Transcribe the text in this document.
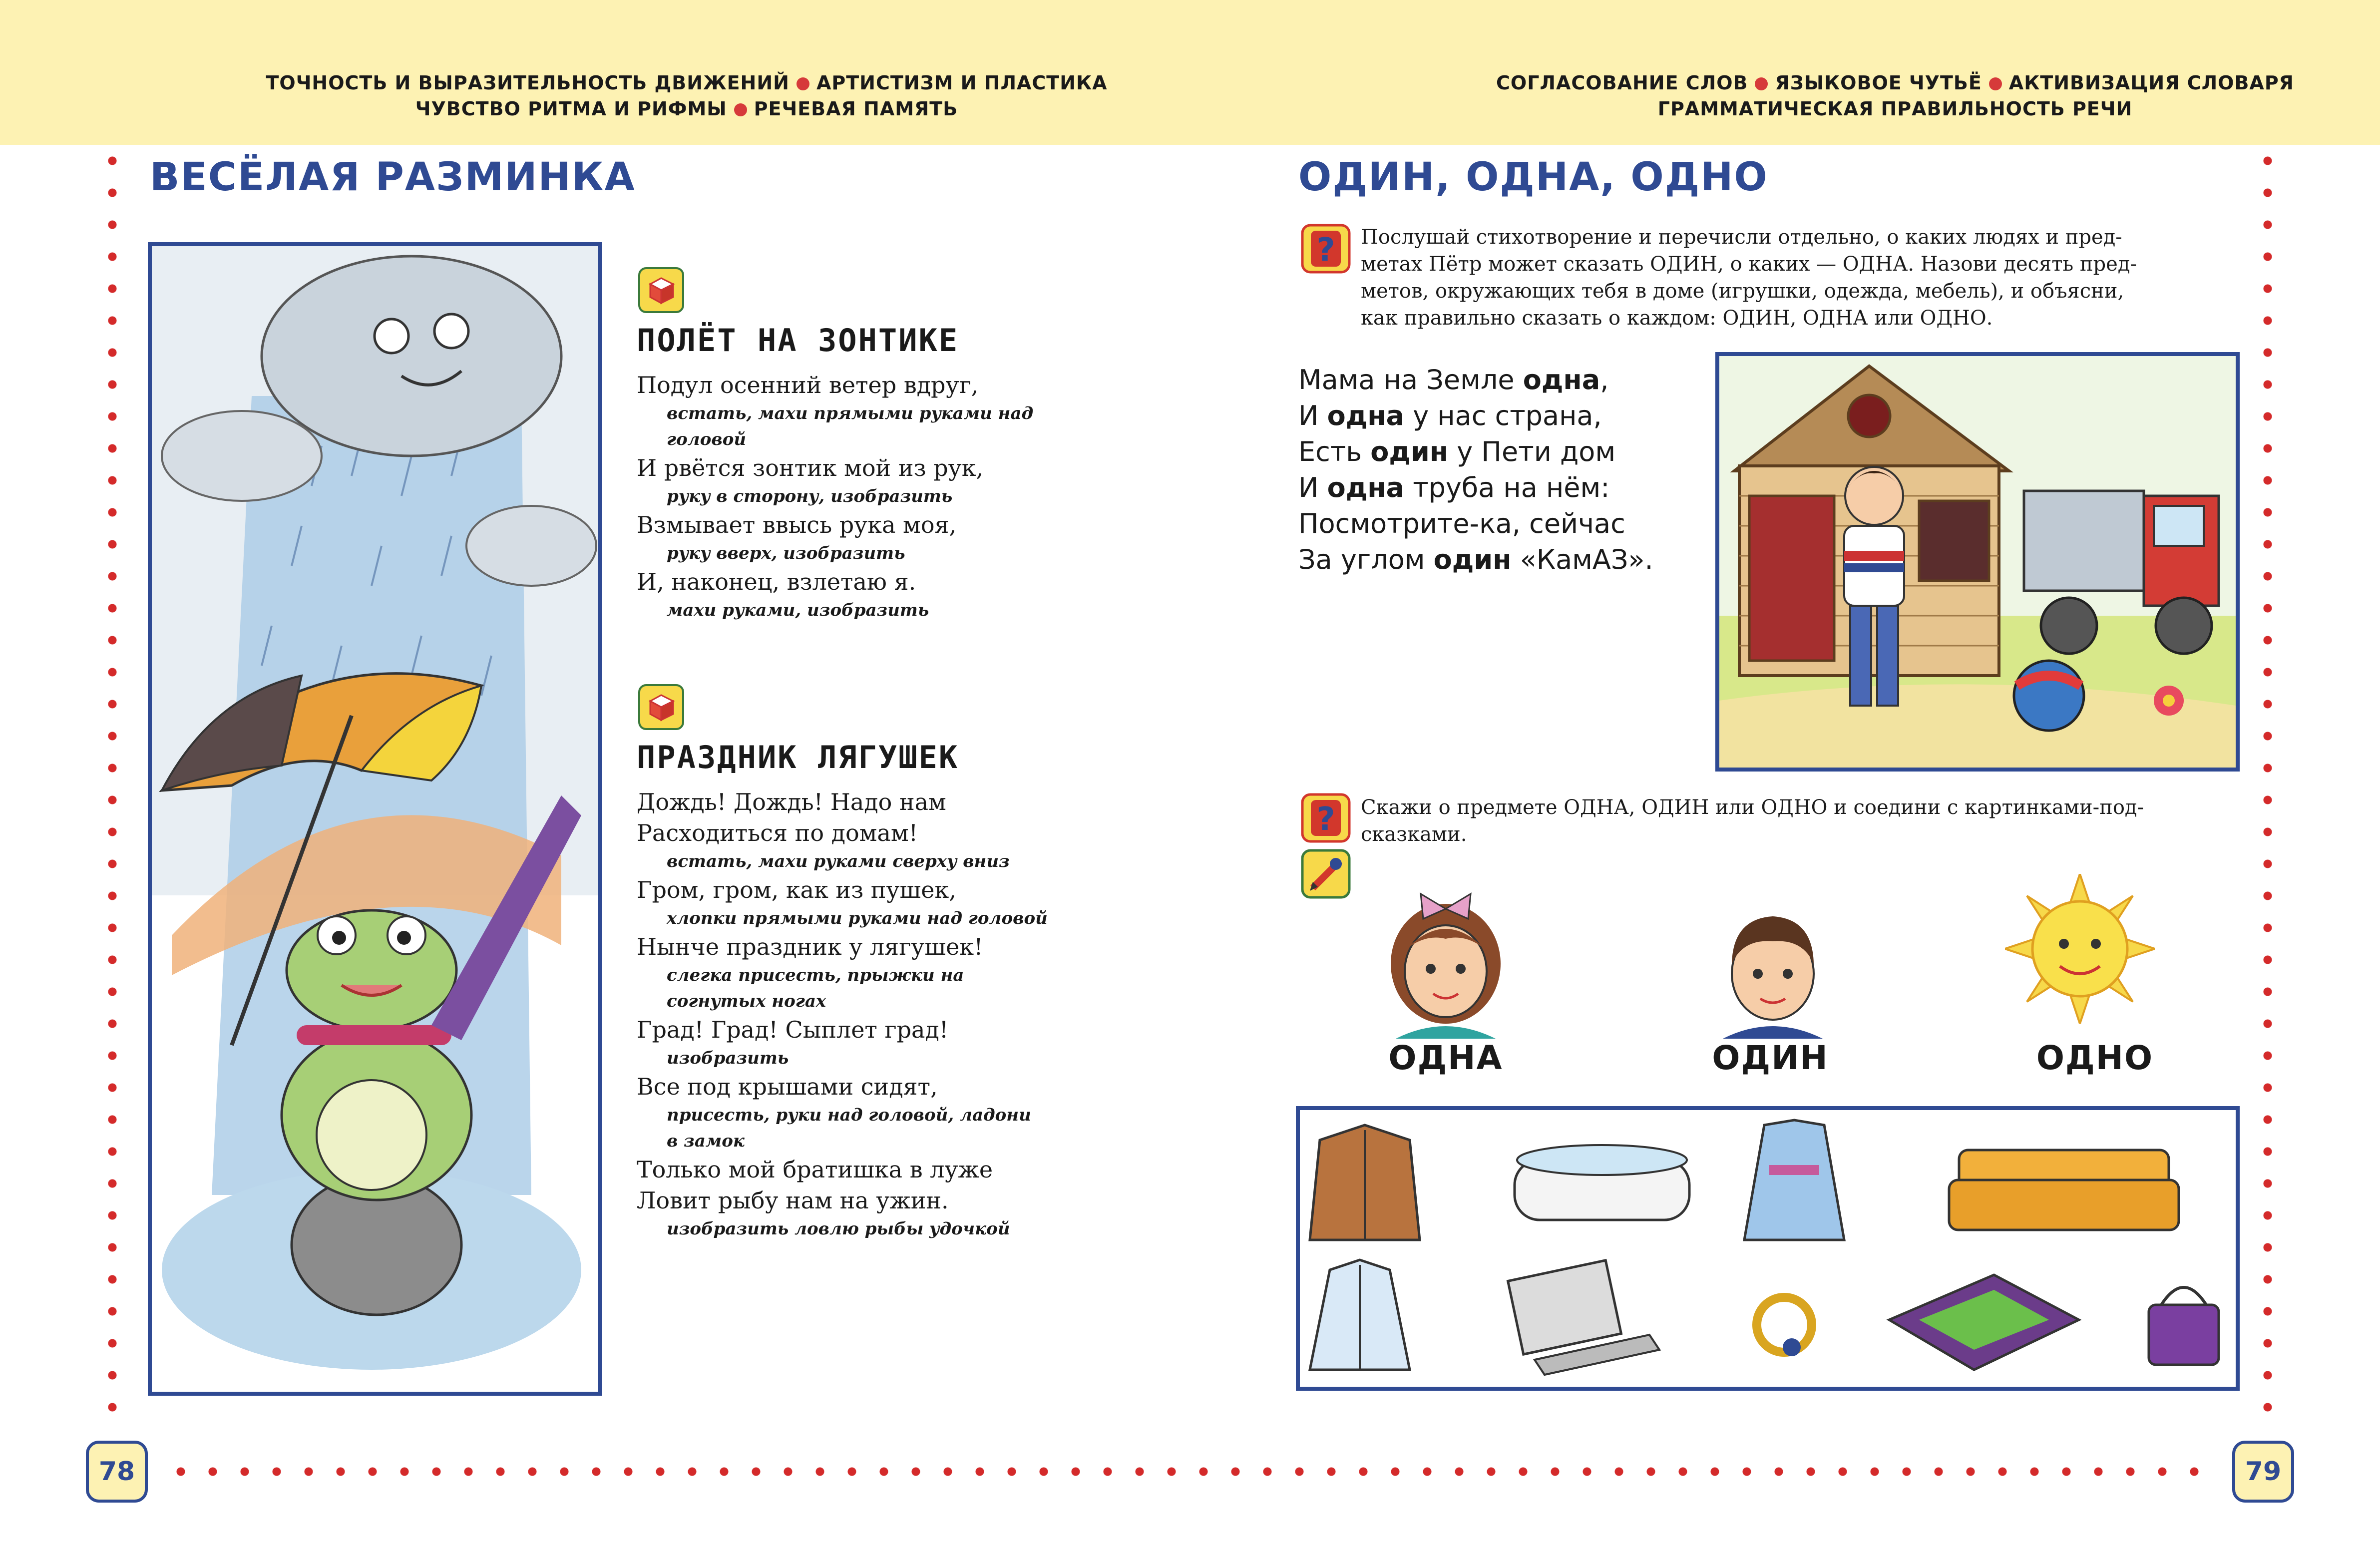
ТОЧНОСТЬ И ВЫРАЗИТЕЛЬНОСТЬ ДВИЖЕНИЙ АРТИСТИЗМ И ПЛАСТИКА
ЧУВСТВО РИТМА И РИФМЫ РЕЧЕВАЯ ПАМЯТЬ
СОГЛАСОВАНИЕ СЛОВ ЯЗЫКОВОЕ ЧУТЬЁ АКТИВИЗАЦИЯ СЛОВАРЯ
ГРАММАТИЧЕСКАЯ ПРАВИЛЬНОСТЬ РЕЧИ
78	79
ВЕСЁЛАЯ РАЗМИНКА
ПОЛЁТ НА ЗОНТИКЕ
Подул осенний ветер вдруг,
встать, махи прямыми руками над
головой
И рвётся зонтик мой из рук,
руку в сторону, изобразить
Взмывает ввысь рука моя,
руку вверх, изобразить
И, наконец, взлетаю я.
махи руками, изобразить
ПРАЗДНИК ЛЯГУШЕК
Дождь! Дождь! Надо нам
Расходиться по домам!
встать, махи руками сверху вниз
Гром, гром, как из пушек,
хлопки прямыми руками над головой
Нынче праздник у лягушек!
слегка присесть, прыжки на
согнутых ногах
Град! Град! Сыплет град!
изобразить
Все под крышами сидят,
присесть, руки над головой, ладони
в замок
Только мой братишка в луже
Ловит рыбу нам на ужин.
изобразить ловлю рыбы удочкой
ОДИН, ОДНА, ОДНО
? Послушай стихотворение и перечисли отдельно, о каких людях и пред-
метах Пётр может сказать ОДИН, о каких — ОДНА. Назови десять пред-
метов, окружающих тебя в доме (игрушки, одежда, мебель), и объясни,
как правильно сказать о каждом: ОДИН, ОДНА или ОДНО.
Мама на Земле одна,
И одна у нас страна,
Есть один у Пети дом
И одна труба на нём:
Посмотрите-ка, сейчас
За углом один «КамАЗ».
? Скажи о предмете ОДНА, ОДИН или ОДНО и соедини с картинками-под-
сказками.
ОДНА	ОДИН	ОДНО
